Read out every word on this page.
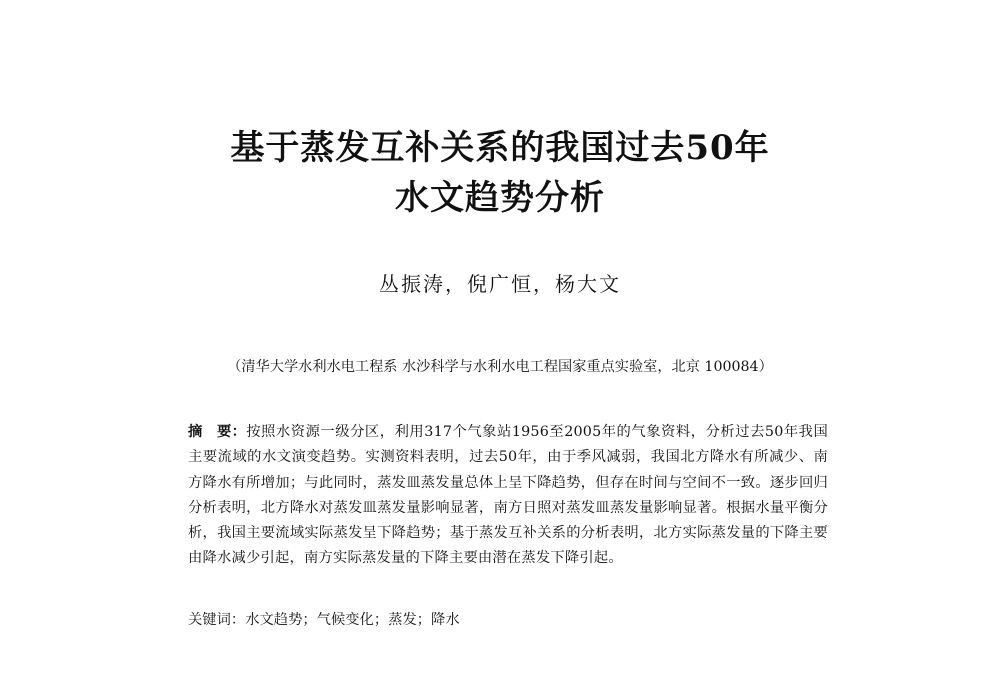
基于蒸发互补关系的我国过去50年
水文趋势分析
丛振涛，倪广恒，杨大文
（清华大学水利水电工程系 水沙科学与水利水电工程国家重点实验室，北京 100084）

摘 要：按照水资源一级分区，利用317个气象站1956至2005年的气象资料，分析过去50年我国主要流域的水文演变趋势。实测资料表明，过去50年，由于季风减弱，我国北方降水有所减少、南方降水有所增加；与此同时，蒸发皿蒸发量总体上呈下降趋势，但存在时间与空间不一致。逐步回归分析表明，北方降水对蒸发皿蒸发量影响显著，南方日照对蒸发皿蒸发量影响显著。根据水量平衡分析，我国主要流域实际蒸发呈下降趋势；基于蒸发互补关系的分析表明，北方实际蒸发量的下降主要由降水减少引起，南方实际蒸发量的下降主要由潜在蒸发下降引起。

关键词：水文趋势；气候变化；蒸发；降水
